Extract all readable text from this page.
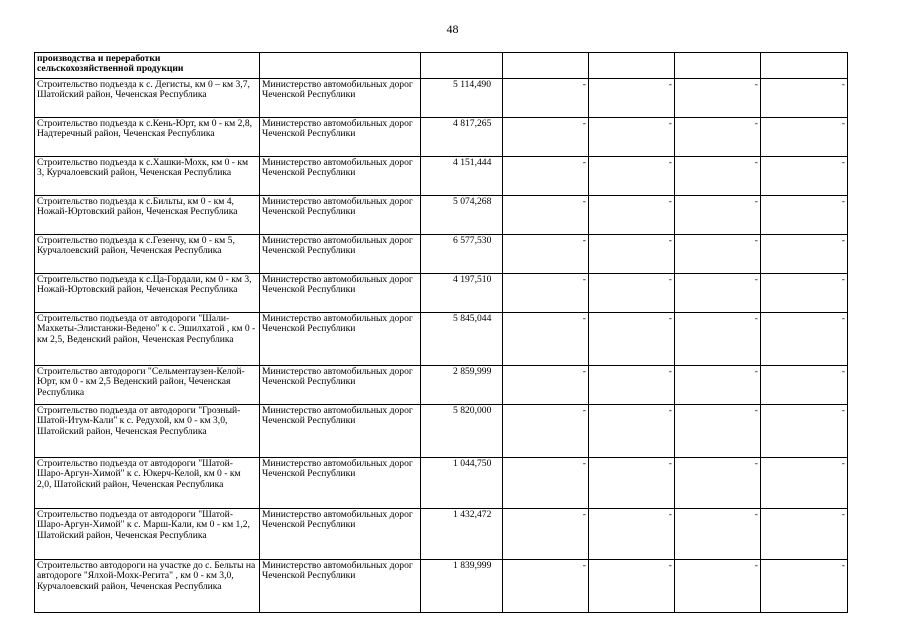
48
производства и переработки сельскохозяйственной продукции						
Строительство подъезда к с. Дегисты, км 0 – км 3,7, Шатойский район, Чеченская Республика	Министерство автомобильных дорог Чеченской Республики	5 114,490	-	-	-	-
Строительство подъезда к с.Кень-Юрт, км 0 - км 2,8, Надтеречный район, Чеченская Республика	Министерство автомобильных дорог Чеченской Республики	4 817,265	-	-	-	-
Строительство подъезда к с.Хашки-Мохк, км 0 - км 3, Курчалоевский район, Чеченская Республика	Министерство автомобильных дорог Чеченской Республики	4 151,444	-	-	-	-
Строительство подъезда к с.Бильты, км 0 - км 4, Ножай-Юртовский район, Чеченская Республика	Министерство автомобильных дорог Чеченской Республики	5 074,268	-	-	-	-
Строительство подъезда к с.Гезенчу, км 0 - км 5, Курчалоевский район, Чеченская Республика	Министерство автомобильных дорог Чеченской Республики	6 577,530	-	-	-	-
Строительство подъезда к с.Ца-Гордали, км 0 - км 3, Ножай-Юртовский район, Чеченская Республика	Министерство автомобильных дорог Чеченской Республики	4 197,510	-	-	-	-
Строительство подъезда от автодороги "Шали-Махкеты-Элистанжи-Ведено" к с. Эшилхатой , км 0 - км 2,5, Веденский район, Чеченская Республика	Министерство автомобильных дорог Чеченской Республики	5 845,044	-	-	-	-
Строительство автодороги "Сельментаузен-Келой-Юрт, км 0 - км 2,5 Веденский район, Чеченская Республика	Министерство автомобильных дорог Чеченской Республики	2 859,999	-	-	-	-
Строительство подъезда от автодороги "Грозный-Шатой-Итум-Кали" к с. Редухой, км 0 - км 3,0, Шатойский район, Чеченская Республика	Министерство автомобильных дорог Чеченской Республики	5 820,000	-	-	-	-
Строительство подъезда от автодороги "Шатой-Шаро-Аргун-Химой" к с. Юкерч-Келой, км 0 - км 2,0, Шатойский район, Чеченская Республика	Министерство автомобильных дорог Чеченской Республики	1 044,750	-	-	-	-
Строительство подъезда от автодороги "Шатой-Шаро-Аргун-Химой" к с. Марш-Кали, км 0 - км 1,2, Шатойский район, Чеченская Республика	Министерство автомобильных дорог Чеченской Республики	1 432,472	-	-	-	-
Строительство автодороги на участке до с. Бельты на автодороге "Ялхой-Мохк-Регита" , км 0 - км 3,0, Курчалоевский район, Чеченская Республика	Министерство автомобильных дорог Чеченской Республики	1 839,999	-	-	-	-
